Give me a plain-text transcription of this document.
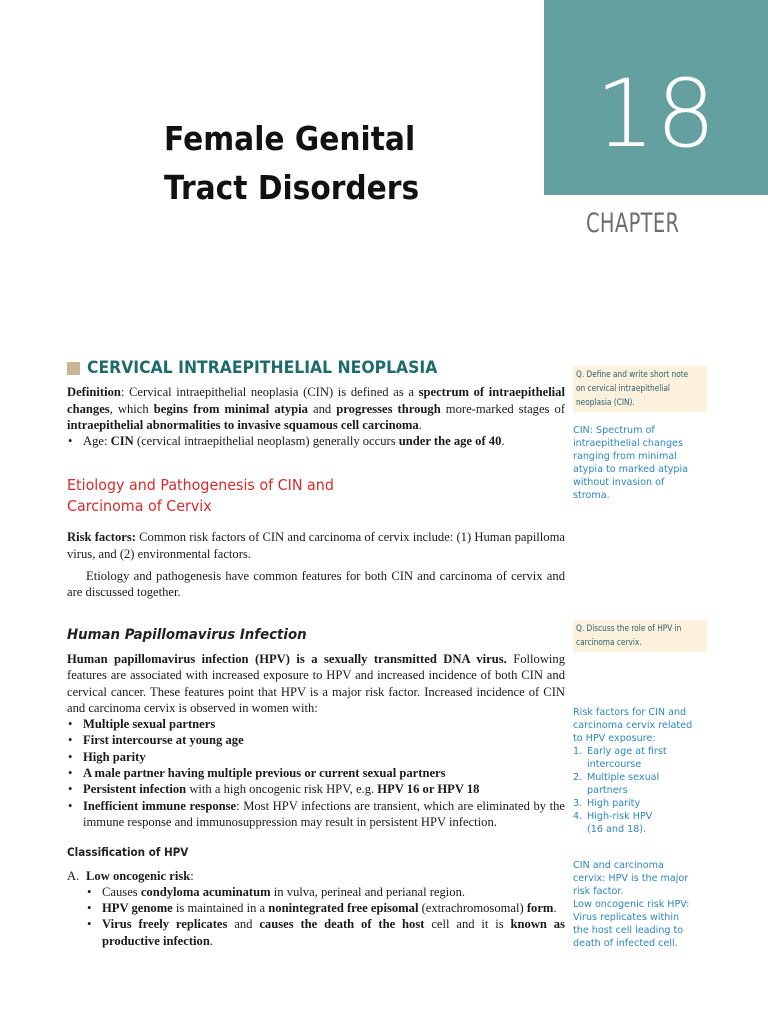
18
CHAPTER
Female Genital
Tract Disorders
CERVICAL INTRAEPITHELIAL NEOPLASIA

Definition: Cervical intraepithelial neoplasia (CIN) is defined as a spectrum of intraepithelial changes, which begins from minimal atypia and progresses through more-marked stages of intraepithelial abnormalities to invasive squamous cell carcinoma.

• Age: CIN (cervical intraepithelial neoplasm) generally occurs under the age of 40.
Etiology and Pathogenesis of CIN and
Carcinoma of Cervix

Risk factors: Common risk factors of CIN and carcinoma of cervix include: (1) Human papilloma virus, and (2) environmental factors.

Etiology and pathogenesis have common features for both CIN and carcinoma of cervix and are discussed together.

Human Papillomavirus Infection

Human papillomavirus infection (HPV) is a sexually transmitted DNA virus. Following features are associated with increased exposure to HPV and increased incidence of both CIN and cervical cancer. These features point that HPV is a major risk factor. Increased incidence of CIN and carcinoma cervix is observed in women with:

• Multiple sexual partners
• First intercourse at young age
• High parity
• A male partner having multiple previous or current sexual partners
• Persistent infection with a high oncogenic risk HPV, e.g. HPV 16 or HPV 18
• Inefficient immune response: Most HPV infections are transient, which are eliminated by the immune response and immunosuppression may result in persistent HPV infection.
Classification of HPV
A. Low oncogenic risk:
• Causes condyloma acuminatum in vulva, perineal and perianal region.
• HPV genome is maintained in a nonintegrated free episomal (extrachromosomal) form.
• Virus freely replicates and causes the death of the host cell and it is known as productive infection.
Q. Define and write short note on cervical intraepithelial neoplasia (CIN).
CIN: Spectrum of intraepithelial changes ranging from minimal atypia to marked atypia without invasion of stroma.
Q. Discuss the role of HPV in carcinoma cervix.
Risk factors for CIN and carcinoma cervix related to HPV exposure:
1. Early age at first intercourse
2. Multiple sexual partners
3. High parity
4. High-risk HPV (16 and 18).
CIN and carcinoma cervix: HPV is the major risk factor.
Low oncogenic risk HPV: Virus replicates within the host cell leading to death of infected cell.
